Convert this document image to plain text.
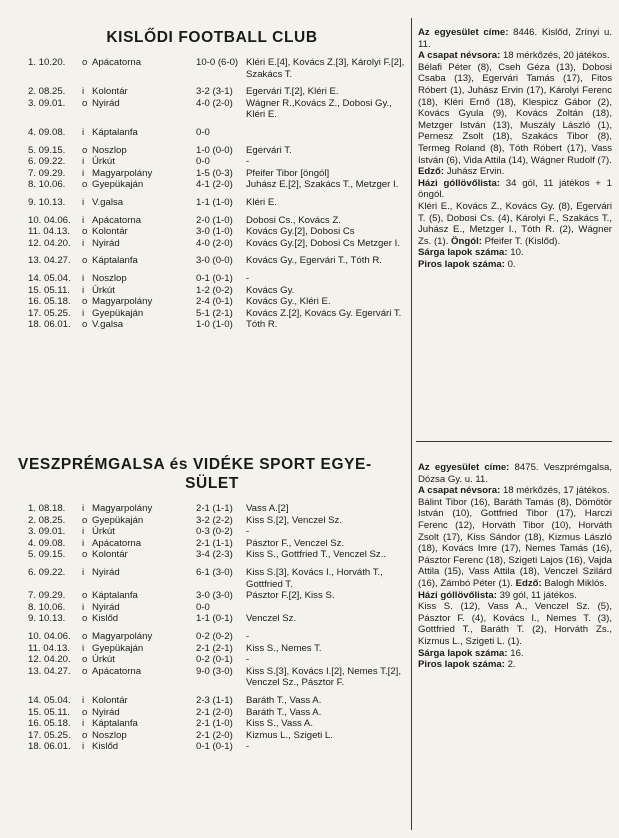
KISLŐDI FOOTBALL CLUB
1. 10.20.	o Apácatorna	10-0 (6-0) Kléri E.[4], Kovács Z.[3], Károlyi F.[2], Szakács T.
2. 08.25.	i Kolontár	3-2 (3-1)	Egervári T.[2], Kléri E.
3. 09.01.	o Nyirád	4-0 (2-0)	Wágner R.,Kovács Z., Dobosi Gy., Kléri E.
4. 09.08.	i Káptalanfa	0-0
5. 09.15.	o Noszlop	1-0 (0-0)	Egervári T.
6. 09.22.	i Úrkút	0-0	-
7. 09.29.	i Magyarpolány	1-5 (0-3)	Pfeifer Tibor [öngól]
8. 10.06.	o Gyepükaján	4-1 (2-0)	Juhász E.[2], Szakács T., Metzger I.
9. 10.13.	i V.galsa	1-1 (1-0)	Kléri E.
10. 04.06.	i Apácatorna	2-0 (1-0)	Dobosi Cs., Kovács Z.
11. 04.13.	o Kolontár	3-0 (1-0)	Kovács Gy.[2], Dobosi Cs
12. 04.20.	i Nyirád	4-0 (2-0)	Kovács Gy.[2], Dobosi Cs Metzger I.
13. 04.27.	o Káptalanfa	3-0 (0-0)	Kovács Gy., Egervári T., Tóth R.
14. 05.04.	i Noszlop	0-1 (0-1)	-
15. 05.11.	i Úrkút	1-2 (0-2)	Kovács Gy.
16. 05.18.	o Magyarpolány	2-4 (0-1)	Kovács Gy., Kléri E.
17. 05.25.	i Gyepükaján	5-1 (2-1)	Kovács Z.[2], Kovács Gy. Egervári T.
18. 06.01.	o V.galsa	1-0 (1-0)	Tóth R.
VESZPRÉMGALSA és VIDÉKE SPORT EGYE-
SÜLET
1. 08.18.	i Magyarpolány	2-1 (1-1)	Vass A.[2]
2. 08.25.	o Gyepükaján	3-2 (2-2)	Kiss S.[2], Venczel Sz.
3. 09.01.	i Úrkút	0-3 (0-2)	-
4. 09.08.	i Apácatorna	2-1 (1-1)	Pásztor F., Venczel Sz.
5. 09.15.	o Kolontár	3-4 (2-3)	Kiss S., Gottfried T., Venczel Sz..
6. 09.22.	i Nyirád	6-1 (3-0)	Kiss S.[3], Kovács I., Horváth T., Gottfried T.
7. 09.29.	o Káptalanfa	3-0 (3-0)	Pásztor F.[2], Kiss S.
8. 10.06.	i Nyirád	0-0
9. 10.13.	o Kislőd	1-1 (0-1)	Venczel Sz.
10. 04.06.	o Magyarpolány	0-2 (0-2)	-
11. 04.13.	i Gyepükaján	2-1 (2-1)	Kiss S., Nemes T.
12. 04.20.	o Úrkút	0-2 (0-1)	-
13. 04.27.	o Apácatorna	9-0 (3-0)	Kiss S.[3], Kovács I.[2], Nemes T.[2], Venczel Sz., Pásztor F.
14. 05.04.	i Kolontár	2-3 (1-1)	Baráth T., Vass A.
15. 05.11.	o Nyirád	2-1 (2-0)	Baráth T., Vass A.
16. 05.18.	i Káptalanfa	2-1 (1-0)	Kiss S., Vass A.
17. 05.25.	o Noszlop	2-1 (2-0)	Kizmus L., Szigeti L.
18. 06.01.	i Kislőd	0-1 (0-1)	-

Az egyesület címe: 8446. Kislőd, Zrínyi u. 11.

A csapat névsora: 18 mérkőzés, 20 játékos.

Bélafi Péter (8), Cseh Géza (13), Dobosi Csaba (13), Egervári Tamás (17), Fitos Róbert (1), Juhász Ervin (17), Károlyi Ferenc (18), Kléri Ernő (18), Klespicz Gábor (2), Kovács Gyula (9), Kovács Zoltán (18), Metzger István (13), Muszály László (1), Pernesz Zsolt (18), Szakács Tibor (8), Termeg Roland (8), Tóth Róbert (17), Vass István (6), Vida Attila (14), Wágner Rudolf (7).

Edző: Juhász Ervin.

Házi góllövőlista: 34 gól, 11 játékos + 1 öngól.

Kléri E., Kovács Z., Kovács Gy. (8), Egervári T. (5), Dobosi Cs. (4), Károlyi F., Szakács T., Juhász E., Metzger I., Tóth R. (2), Wágner Zs. (1). Öngól: Pfeifer T. (Kislőd).

Sárga lapok száma: 10.

Piros lapok száma: 0.

Az egyesület címe: 8475. Veszprémgalsa, Dózsa Gy. u. 11.

A csapat névsora: 18 mérkőzés, 17 játékos.

Bálint Tibor (16), Baráth Tamás (8), Dömötör István (10), Gottfried Tibor (17), Harczi Ferenc (12), Horváth Tibor (10), Horváth Zsolt (17), Kiss Sándor (18), Kizmus László (18), Kovács Imre (17), Nemes Tamás (16), Pásztor Ferenc (18), Szigeti Lajos (16), Vajda Attila (15), Vass Attila (18), Venczel Szilárd (16), Zámbó Péter (1). Edző: Balogh Miklós.

Házi góllövőlista: 39 gól, 11 játékos.

Kiss S. (12), Vass A., Venczel Sz. (5), Pásztor F. (4), Kovács I., Nemes T. (3), Gottfried T., Baráth T. (2), Horváth Zs., Kizmus L., Szigeti L. (1).

Sárga lapok száma: 16.

Piros lapok száma: 2.
